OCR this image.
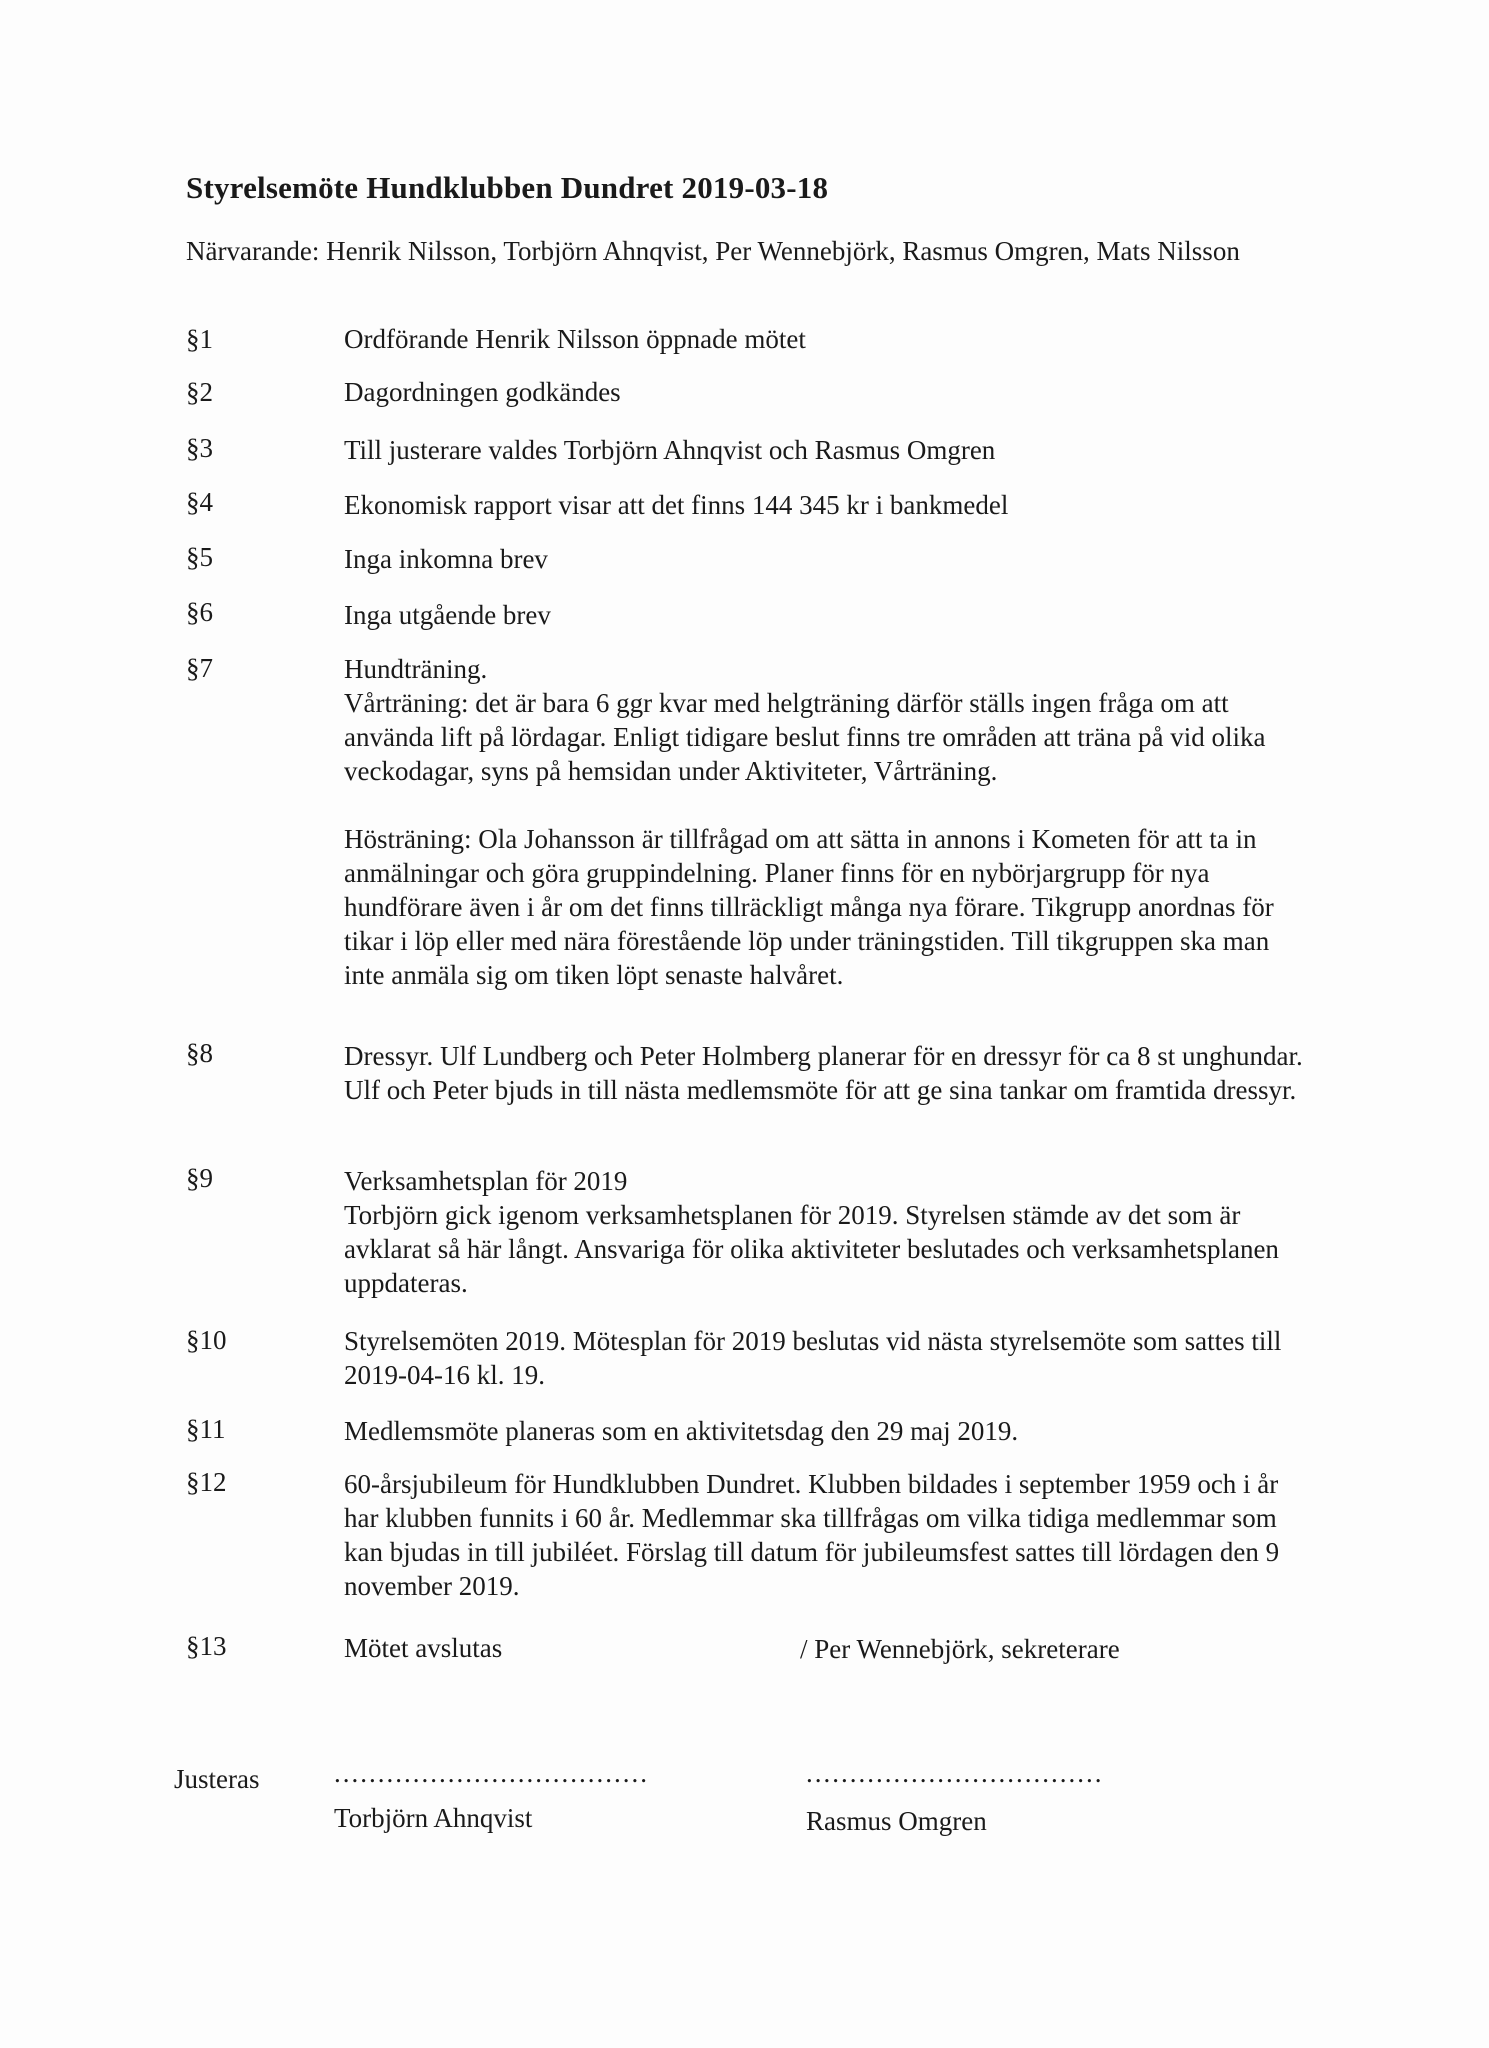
Styrelsemöte Hundklubben Dundret 2019-03-18
Närvarande: Henrik Nilsson, Torbjörn Ahnqvist, Per Wennebjörk, Rasmus Omgren, Mats Nilsson
§1	Ordförande Henrik Nilsson öppnade mötet
§2	Dagordningen godkändes
§3	Till justerare valdes Torbjörn Ahnqvist och Rasmus Omgren
§4	Ekonomisk rapport visar att det finns 144 345 kr i bankmedel
§5	Inga inkomna brev
§6	Inga utgående brev
§7	Hundträning.

Vårträning: det är bara 6 ggr kvar med helgträning därför ställs ingen fråga om att använda lift på lördagar. Enligt tidigare beslut finns tre områden att träna på vid olika veckodagar, syns på hemsidan under Aktiviteter, Vårträning.

Hösträning: Ola Johansson är tillfrågad om att sätta in annons i Kometen för att ta in anmälningar och göra gruppindelning. Planer finns för en nybörjargrupp för nya hundförare även i år om det finns tillräckligt många nya förare. Tikgrupp anordnas för tikar i löp eller med nära förestående löp under träningstiden. Till tikgruppen ska man inte anmäla sig om tiken löpt senaste halvåret.

§8	Dressyr. Ulf Lundberg och Peter Holmberg planerar för en dressyr för ca 8 st unghundar. Ulf och Peter bjuds in till nästa medlemsmöte för att ge sina tankar om framtida dressyr.
§9	Verksamhetsplan för 2019

Torbjörn gick igenom verksamhetsplanen för 2019. Styrelsen stämde av det som är avklarat så här långt. Ansvariga för olika aktiviteter beslutades och verksamhetsplanen uppdateras.

§10	Styrelsemöten 2019. Mötesplan för 2019 beslutas vid nästa styrelsemöte som sattes till 2019-04-16 kl. 19.
§11	Medlemsmöte planeras som en aktivitetsdag den 29 maj 2019.
§12	60-årsjubileum för Hundklubben Dundret. Klubben bildades i september 1959 och i år har klubben funnits i 60 år. Medlemmar ska tillfrågas om vilka tidiga medlemmar som kan bjudas in till jubiléet. Förslag till datum för jubileumsfest sattes till lördagen den 9 november 2019.
§13	Mötet avslutas	/ Per Wennebjörk, sekreterare
Justeras	....................................	..................................
Torbjörn Ahnqvist	Rasmus Omgren
